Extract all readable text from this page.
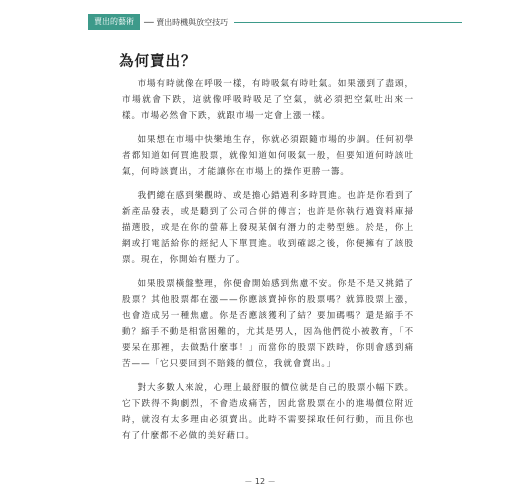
賣出的藝術	── 賣出時機與放空技巧
為何賣出？

市場有時就像在呼吸一樣，有時吸氣有時吐氣。如果漲到了盡頭，市場就會下跌，這就像呼吸時吸足了空氣，就必須把空氣吐出來一樣。市場必然會下跌，就跟市場一定會上漲一樣。

如果想在市場中快樂地生存，你就必須跟隨市場的步調。任何初學者都知道如何買進股票，就像知道如何吸氣一般，但要知道何時該吐氣，何時該賣出，才能讓你在市場上的操作更勝一籌。

我們總在感到樂觀時、或是擔心錯過利多時買進。也許是你看到了新產品發表，或是聽到了公司合併的傳言；也許是你執行過資料庫掃描選股，或是在你的螢幕上發現某個有潛力的走勢型態。於是，你上網或打電話給你的經紀人下單買進。收到確認之後，你便擁有了該股票。現在，你開始有壓力了。

如果股票橫盤整理，你便會開始感到焦慮不安。你是不是又挑錯了股票？其他股票都在漲——你應該賣掉你的股票嗎？就算股票上漲，也會造成另一種焦慮。你是否應該獲利了結？要加碼嗎？還是縮手不動？縮手不動是相當困難的，尤其是男人，因為他們從小被教育，「不要呆在那裡，去做點什麼事！」而當你的股票下跌時，你則會感到痛苦——「它只要回到不賠錢的價位，我就會賣出。」

對大多數人來說，心理上最舒服的價位就是自己的股票小幅下跌。它下跌得不夠劇烈，不會造成痛苦，因此當股票在小的進場價位附近時，就沒有太多理由必須賣出。此時不需要採取任何行動，而且你也有了什麼都不必做的美好藉口。

－ 12 －
